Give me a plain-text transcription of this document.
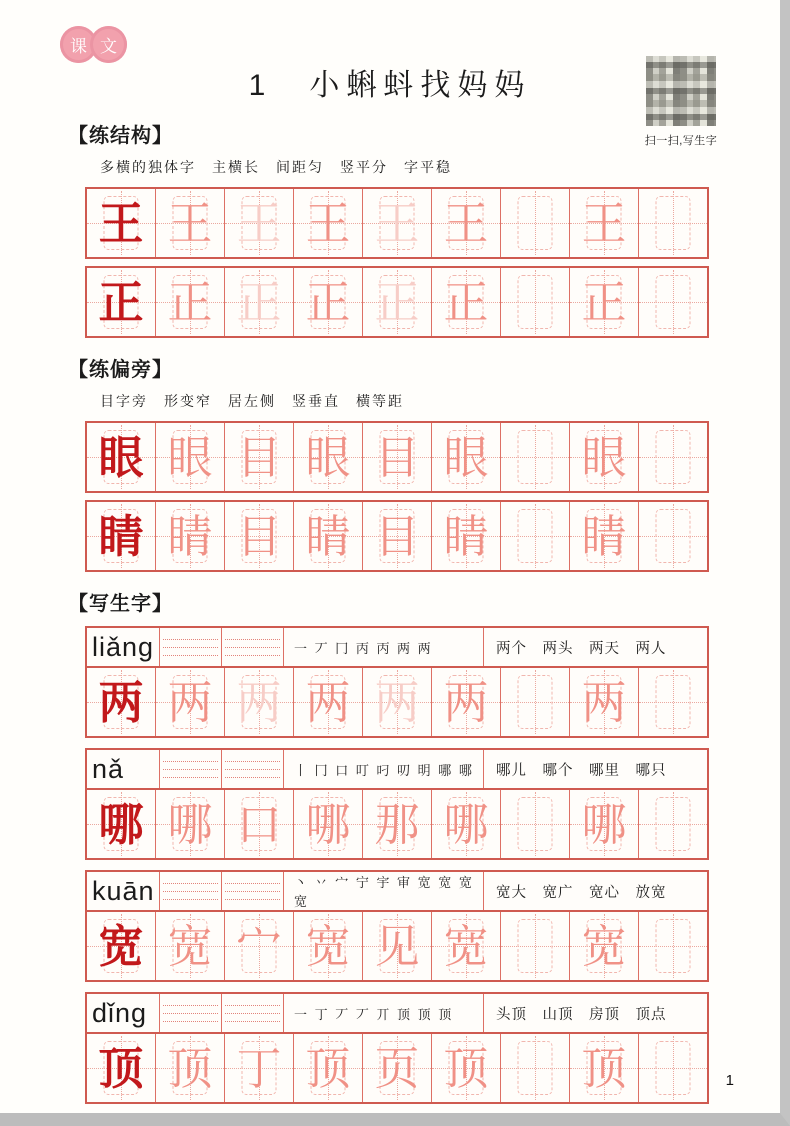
课 文
1　小蝌蚪找妈妈
扫一扫,写生字
【练结构】
多横的独体字　主横长　间距匀　竖平分　字平稳
王 王 王 王 王 王 王
正 正 正 正 正 正 正
【练偏旁】
目字旁　形变窄　居左侧　竖垂直　横等距
眼 眼 目 眼 目 眼 眼
睛 睛 目 睛 目 睛 睛
【写生字】
liǎng	一 丆 冂 丙 丙 两 两	两个　两头　两天　两人
两 两 两 两 两 两 两
nǎ	丨 冂 口 叮 叼 叨 明 哪 哪	哪儿　哪个　哪里　哪只
哪 哪 口 哪 那 哪 哪
kuān	丶 丷 宀 宁 宇 审 宽 宽 宽 宽
宽大　宽广　宽心　放宽
宽 宽 宀 宽 见 宽 宽
dǐng	一 丁 丆 丆 丌 顶 顶 顶	头顶　山顶　房顶　顶点
顶 顶 丁 顶 页 顶 顶	1
